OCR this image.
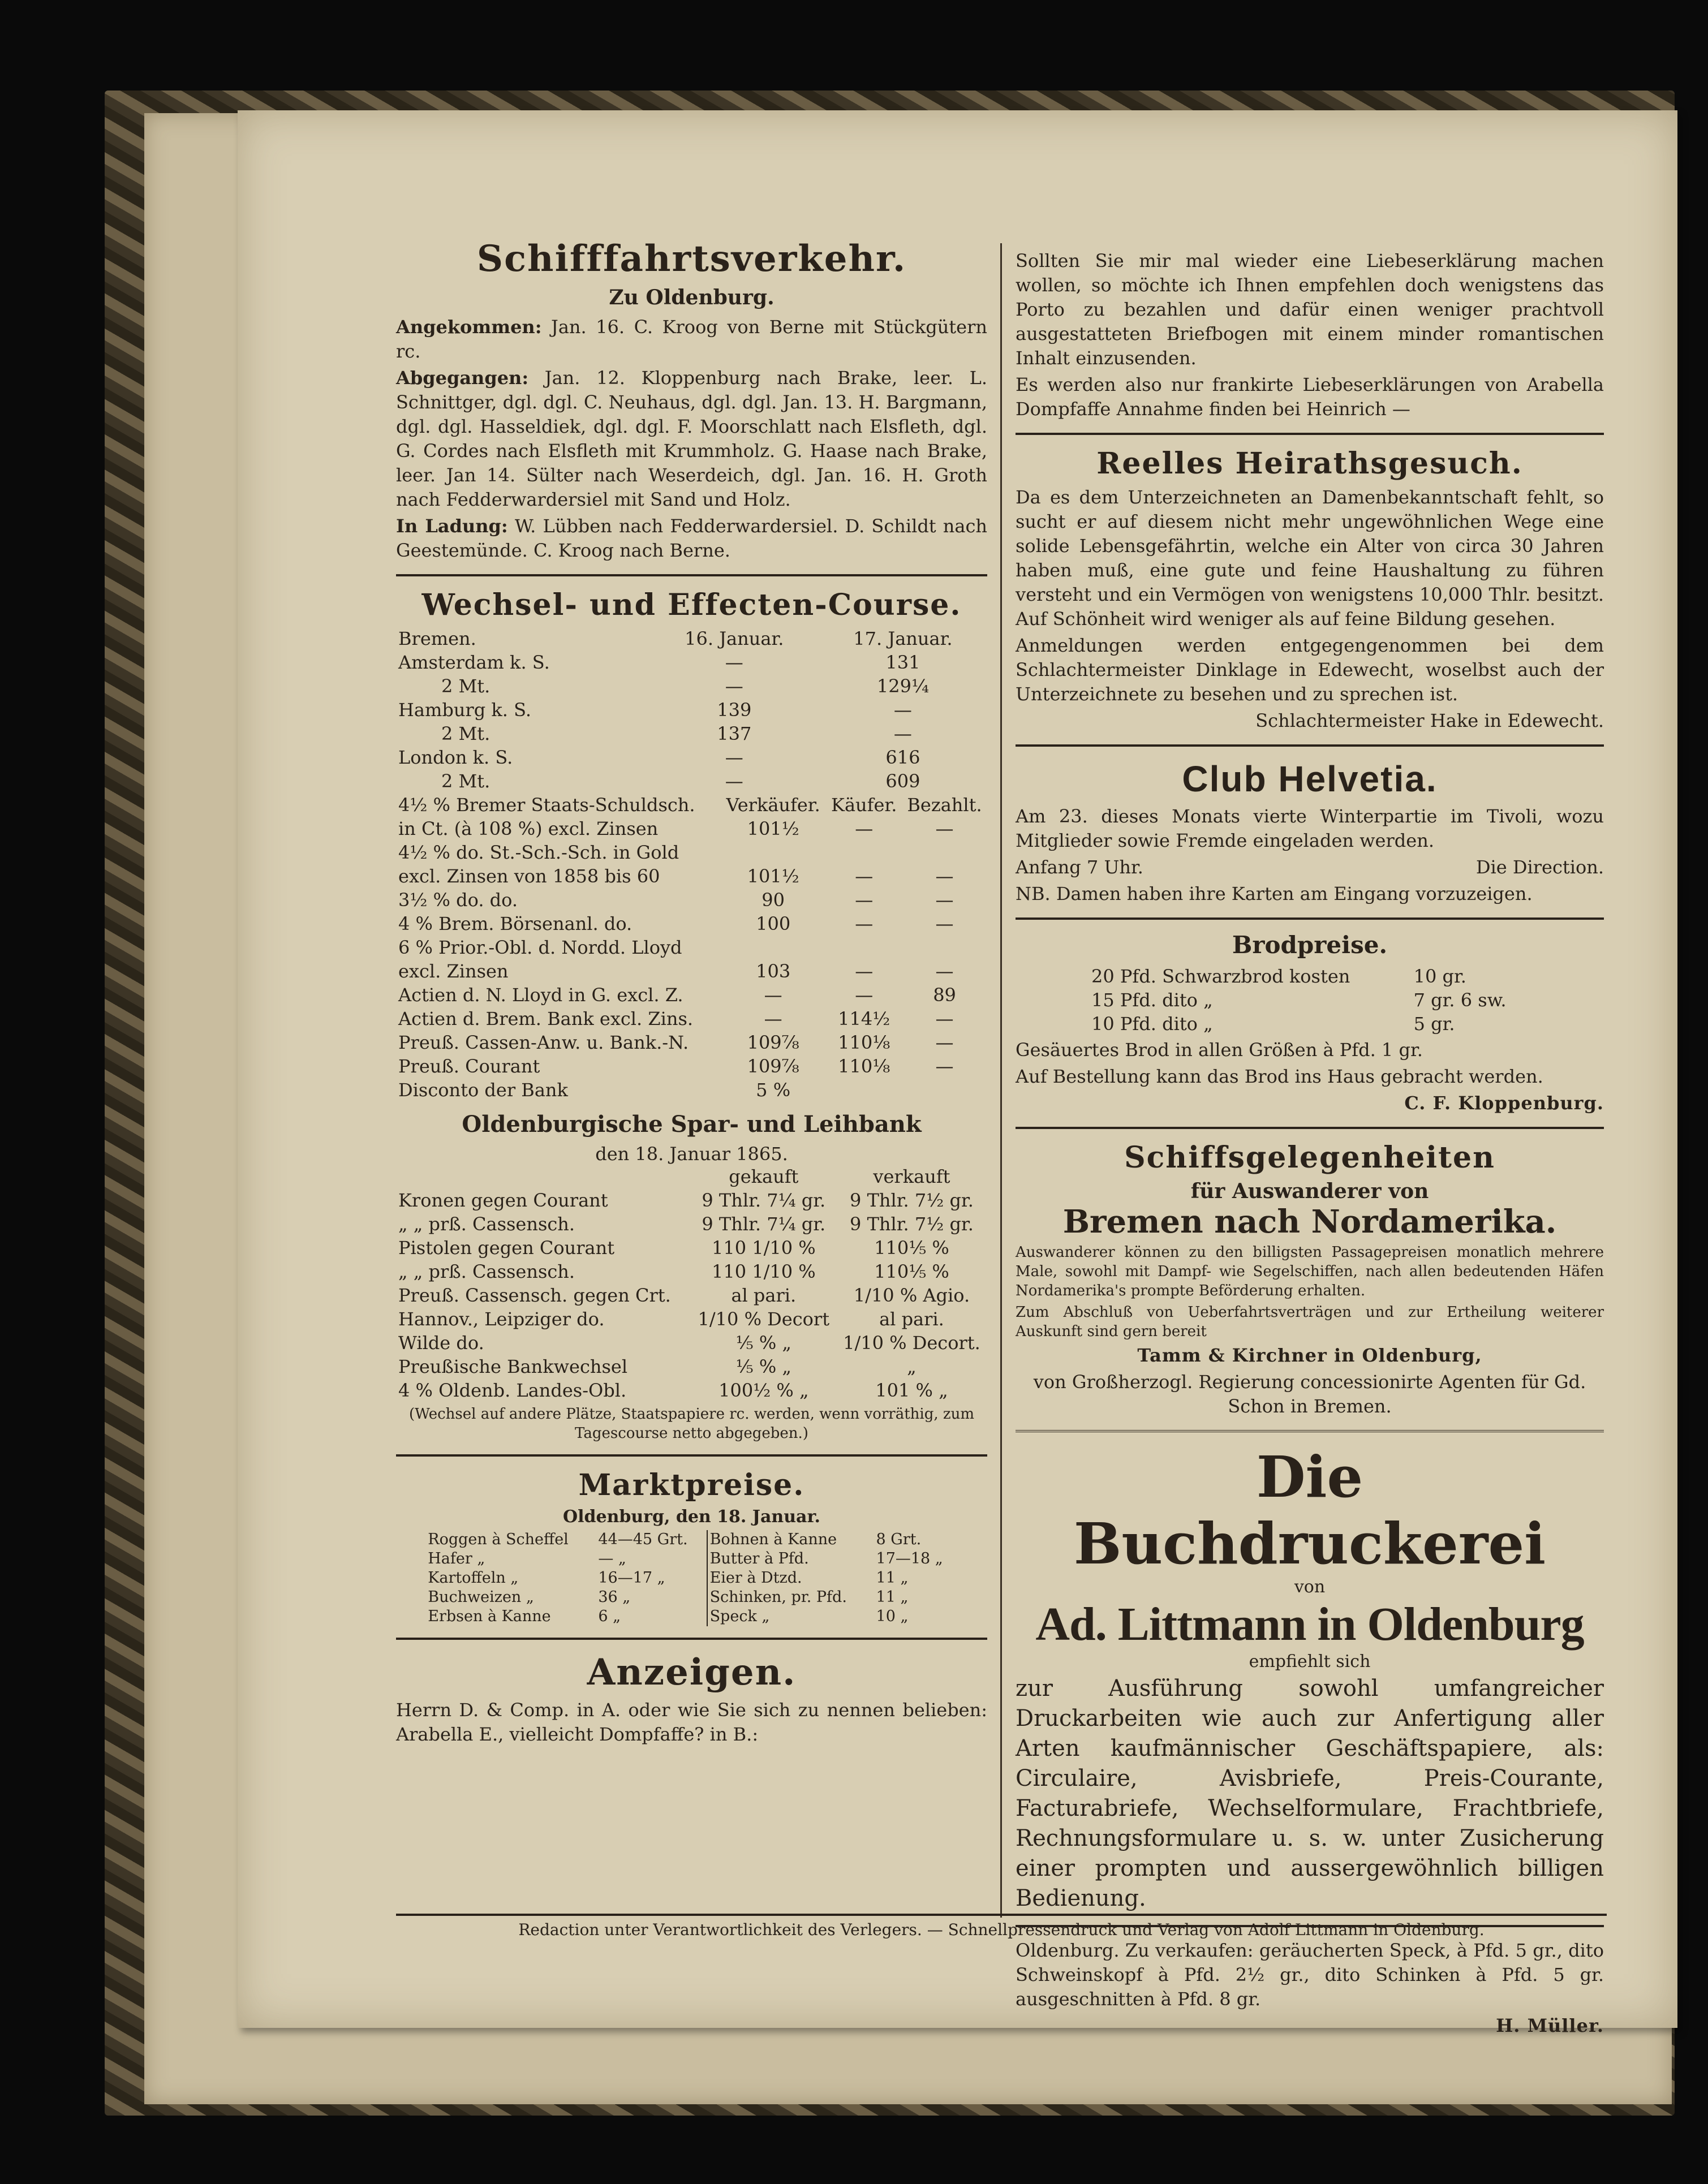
Schifffahrtsverkehr.
Zu Oldenburg.

Angekommen: Jan. 16. C. Kroog von Berne mit Stückgütern rc.

Abgegangen: Jan. 12. Kloppenburg nach Brake, leer. L. Schnittger, dgl. dgl. C. Neuhaus, dgl. dgl. Jan. 13. H. Bargmann, dgl. dgl. Hasseldiek, dgl. dgl. F. Moorschlatt nach Elsfleth, dgl. G. Cordes nach Elsfleth mit Krummholz. G. Haase nach Brake, leer. Jan 14. Sülter nach Weserdeich, dgl. Jan. 16. H. Groth nach Fedderwardersiel mit Sand und Holz.

In Ladung: W. Lübben nach Fedderwardersiel. D. Schildt nach Geestemünde. C. Kroog nach Berne.

Wechsel- und Effecten-Course.
Bremen.	16. Januar.	17. Januar.
Amsterdam k. S.	—	131
2 Mt.	—	129¼
Hamburg k. S.	139	—
2 Mt.	137	—
London k. S.	—	616
2 Mt.	—	609
4½ % Bremer Staats-Schuldsch.	Verkäufer.	Käufer.	Bezahlt.
in Ct. (à 108 %) excl. Zinsen	101½	—	—
4½ % do. St.-Sch.-Sch. in Gold			
excl. Zinsen von 1858 bis 60	101½	—	—
3½ % do. do.	90	—	—
4 % Brem. Börsenanl. do.	100	—	—
6 % Prior.-Obl. d. Nordd. Lloyd			
excl. Zinsen	103	—	—
Actien d. N. Lloyd in G. excl. Z.	—	—	89
Actien d. Brem. Bank excl. Zins.	—	114½	—
Preuß. Cassen-Anw. u. Bank.-N.	109⅞	110⅛	—
Preuß. Courant	109⅞	110⅛	—
Disconto der Bank	5 %		
Oldenburgische Spar- und Leihbank
den 18. Januar 1865.
	gekauft	verkauft
Kronen gegen Courant	9 Thlr. 7¼ gr.	9 Thlr. 7½ gr.
„ „ prß. Cassensch.	9 Thlr. 7¼ gr.	9 Thlr. 7½ gr.
Pistolen gegen Courant	110 1/10 %	110⅕ %
„ „ prß. Cassensch.	110 1/10 %	110⅕ %
Preuß. Cassensch. gegen Crt.	al pari.	1/10 % Agio.
Hannov., Leipziger do.	1/10 % Decort	al pari.
Wilde do.	⅕ % „	1/10 % Decort.
Preußische Bankwechsel	⅕ % „	„
4 % Oldenb. Landes-Obl.	100½ % „	101 % „

(Wechsel auf andere Plätze, Staatspapiere rc. werden, wenn vorräthig, zum Tagescourse netto abgegeben.)

Marktpreise.
Oldenburg, den 18. Januar.
Roggen à Scheffel	44—45 Grt.	Bohnen à Kanne	8 Grt.
Hafer „	— „	Butter à Pfd.	17—18 „
Kartoffeln „	16—17 „	Eier à Dtzd.	11 „
Buchweizen „	36 „	Schinken, pr. Pfd.	11 „
Erbsen à Kanne	6 „	Speck „	10 „
Anzeigen.

Herrn D. & Comp. in A. oder wie Sie sich zu nennen belieben: Arabella E., vielleicht Dompfaffe? in B.:

Sollten Sie mir mal wieder eine Liebeserklärung machen wollen, so möchte ich Ihnen empfehlen doch wenigstens das Porto zu bezahlen und dafür einen weniger prachtvoll ausgestatteten Briefbogen mit einem minder romantischen Inhalt einzusenden.

Es werden also nur frankirte Liebeserklärungen von Arabella Dompfaffe Annahme finden bei Heinrich —

Reelles Heirathsgesuch.

Da es dem Unterzeichneten an Damenbekanntschaft fehlt, so sucht er auf diesem nicht mehr ungewöhnlichen Wege eine solide Lebensgefährtin, welche ein Alter von circa 30 Jahren haben muß, eine gute und feine Haushaltung zu führen versteht und ein Vermögen von wenigstens 10,000 Thlr. besitzt. Auf Schönheit wird weniger als auf feine Bildung gesehen.

Anmeldungen werden entgegengenommen bei dem Schlachtermeister Dinklage in Edewecht, woselbst auch der Unterzeichnete zu besehen und zu sprechen ist.

Schlachtermeister Hake in Edewecht.

Club Helvetia.

Am 23. dieses Monats vierte Winterpartie im Tivoli, wozu Mitglieder sowie Fremde eingeladen werden.

Anfang 7 Uhr.	Die Direction.

NB. Damen haben ihre Karten am Eingang vorzuzeigen.

Brodpreise.
20 Pfd. Schwarzbrod kosten	10 gr.
15 Pfd. dito „	7 gr. 6 sw.
10 Pfd. dito „	5 gr.

Gesäuertes Brod in allen Größen à Pfd. 1 gr.

Auf Bestellung kann das Brod ins Haus gebracht werden.

C. F. Kloppenburg.

Schiffsgelegenheiten
für Auswanderer von
Bremen nach Nordamerika.

Auswanderer können zu den billigsten Passagepreisen monatlich mehrere Male, sowohl mit Dampf- wie Segelschiffen, nach allen bedeutenden Häfen Nordamerika's prompte Beförderung erhalten.

Zum Abschluß von Ueberfahrtsverträgen und zur Ertheilung weiterer Auskunft sind gern bereit

Tamm & Kirchner in Oldenburg,

von Großherzogl. Regierung concessionirte Agenten für Gd. Schon in Bremen.

Die Buchdruckerei
von
Ad. Littmann in Oldenburg
empfiehlt sich

zur Ausführung sowohl umfangreicher Druckarbeiten wie auch zur Anfertigung aller Arten kaufmännischer Geschäftspapiere, als: Circulaire, Avisbriefe, Preis-Courante, Facturabriefe, Wechselformulare, Frachtbriefe, Rechnungsformulare u. s. w. unter Zusicherung einer prompten und aussergewöhnlich billigen Bedienung.

Oldenburg. Zu verkaufen: geräucherten Speck, à Pfd. 5 gr., dito Schweinskopf à Pfd. 2½ gr., dito Schinken à Pfd. 5 gr. ausgeschnitten à Pfd. 8 gr.

H. Müller.

Redaction unter Verantwortlichkeit des Verlegers. — Schnellpressendruck und Verlag von Adolf Littmann in Oldenburg.
